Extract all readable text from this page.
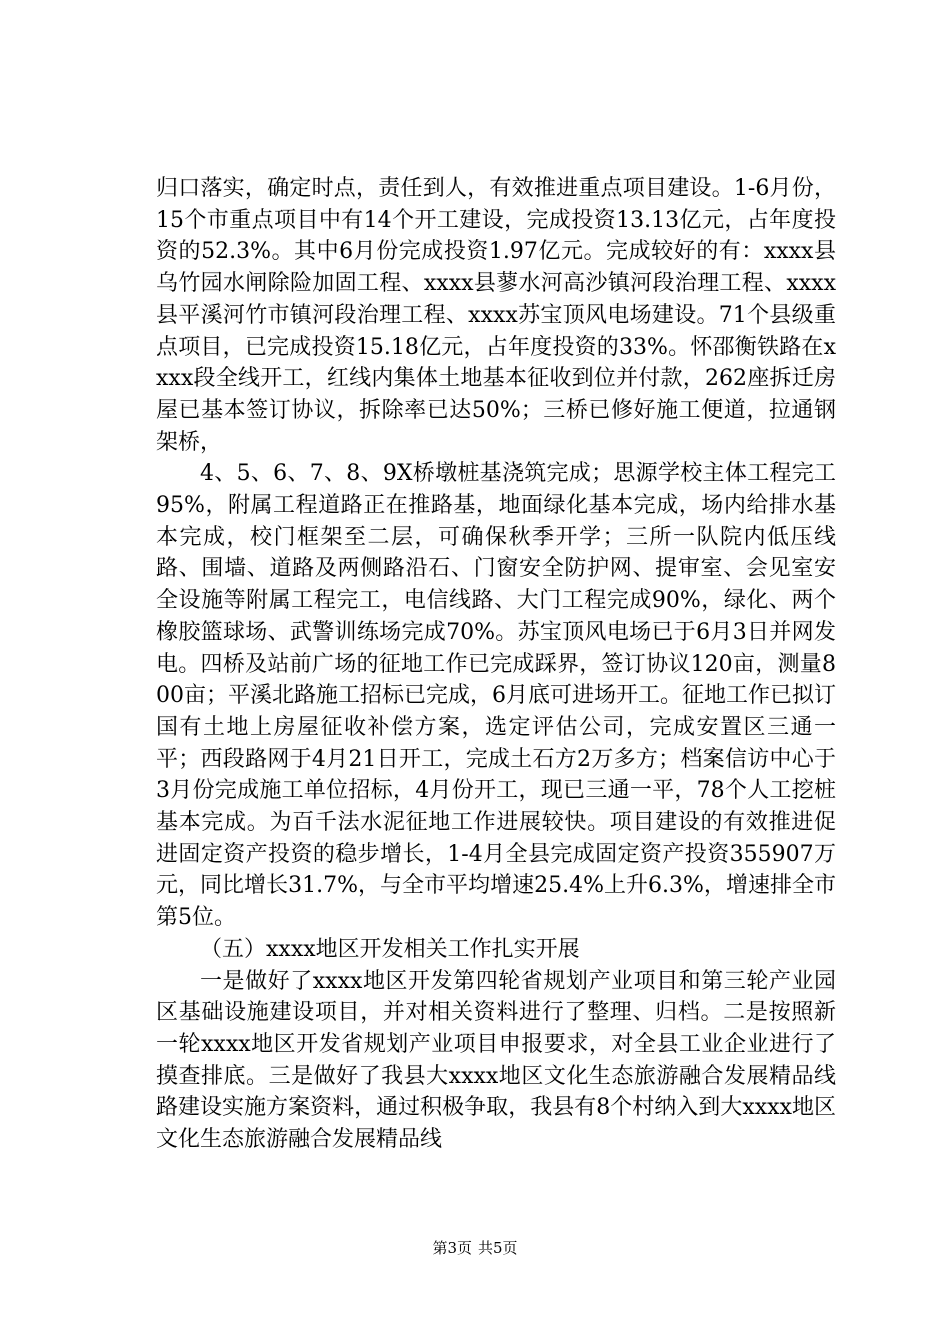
归口落实，确定时点，责任到人，有效推进重点项目建设。1-6月份，15个市重点项目中有14个开工建设，完成投资13.13亿元，占年度投资的52.3%。其中6月份完成投资1.97亿元。完成较好的有：xxxx县乌竹园水闸除险加固工程、xxxx县蓼水河高沙镇河段治理工程、xxxx县平溪河竹市镇河段治理工程、xxxx苏宝顶风电场建设。71个县级重点项目，已完成投资15.18亿元，占年度投资的33%。怀邵衡铁路在xxxx段全线开工，红线内集体土地基本征收到位并付款，262座拆迁房屋已基本签订协议，拆除率已达50%；三桥已修好施工便道，拉通钢架桥，

4、5、6、7、8、9X桥墩桩基浇筑完成；思源学校主体工程完工95%，附属工程道路正在推路基，地面绿化基本完成，场内给排水基本完成，校门框架至二层，可确保秋季开学；三所一队院内低压线路、围墙、道路及两侧路沿石、门窗安全防护网、提审室、会见室安全设施等附属工程完工，电信线路、大门工程完成90%，绿化、两个橡胶篮球场、武警训练场完成70%。苏宝顶风电场已于6月3日并网发电。四桥及站前广场的征地工作已完成踩界，签订协议120亩，测量800亩；平溪北路施工招标已完成，6月底可进场开工。征地工作已拟订国有土地上房屋征收补偿方案，选定评估公司，完成安置区三通一平；西段路网于4月21日开工，完成土石方2万多方；档案信访中心于3月份完成施工单位招标，4月份开工，现已三通一平，78个人工挖桩基本完成。为百千法水泥征地工作进展较快。项目建设的有效推进促进固定资产投资的稳步增长，1-4月全县完成固定资产投资355907万元，同比增长31.7%，与全市平均增速25.4%上升6.3%，增速排全市第5位。

（五）xxxx地区开发相关工作扎实开展

一是做好了xxxx地区开发第四轮省规划产业项目和第三轮产业园区基础设施建设项目，并对相关资料进行了整理、归档。二是按照新一轮xxxx地区开发省规划产业项目申报要求，对全县工业企业进行了摸查排底。三是做好了我县大xxxx地区文化生态旅游融合发展精品线路建设实施方案资料，通过积极争取，我县有8个村纳入到大xxxx地区文化生态旅游融合发展精品线

第3页 共5页
